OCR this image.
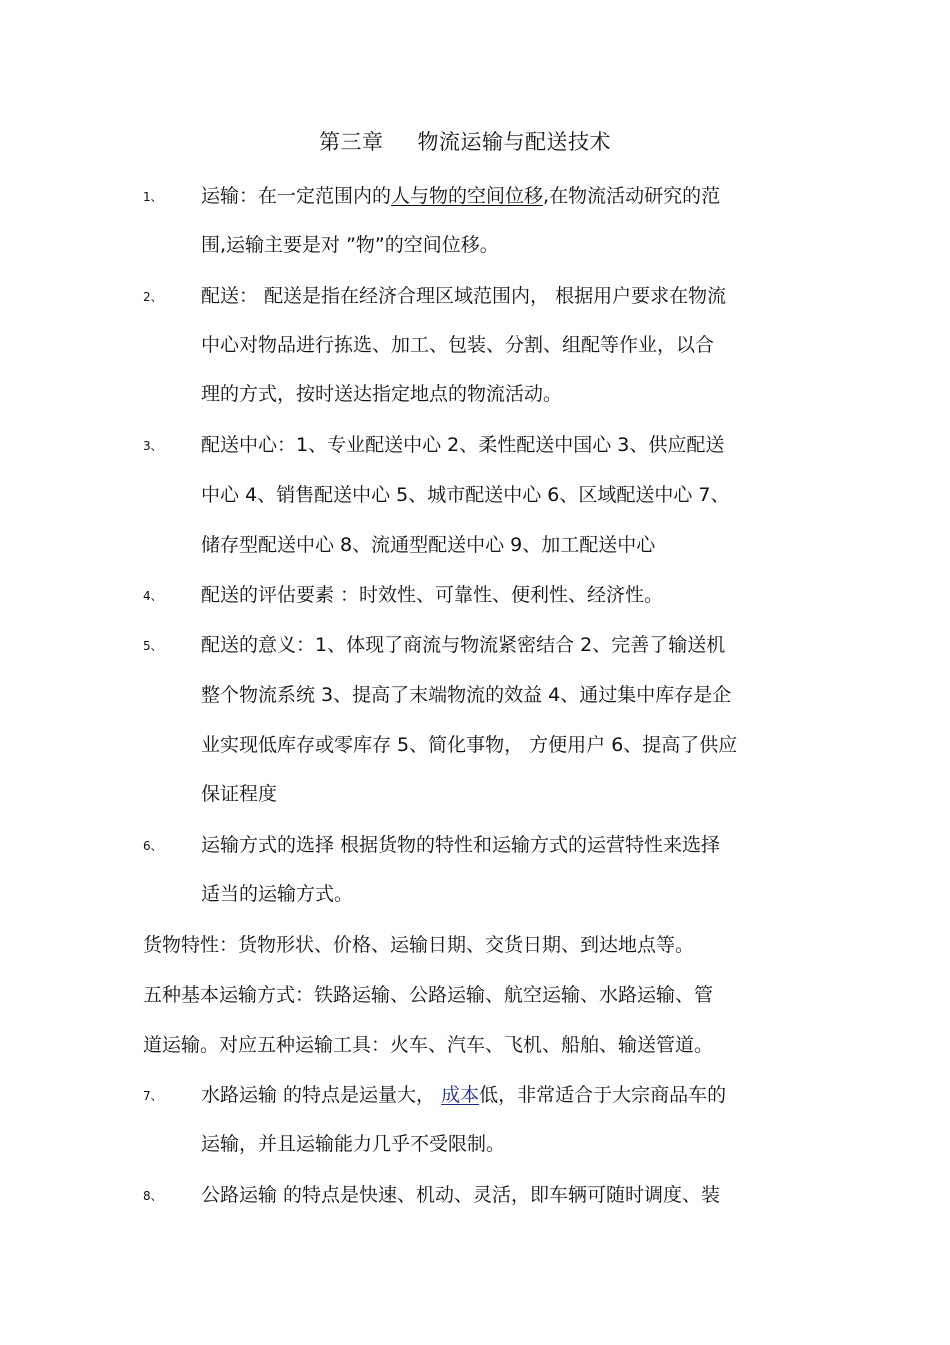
第三章 物流运输与配送技术
1、 运输：在一定范围内的人与物的空间位移,在物流活动研究的范
围,运输主要是对 ”物”的空间位移。
2、 配送： 配送是指在经济合理区域范围内， 根据用户要求在物流
中心对物品进行拣选、加工、包装、分割、组配等作业，以合
理的方式，按时送达指定地点的物流活动。
3、 配送中心：1、专业配送中心 2、柔性配送中国心 3、供应配送
中心 4、销售配送中心 5、城市配送中心 6、区域配送中心 7、
储存型配送中心 8、流通型配送中心 9、加工配送中心
4、 配送的评估要素 ：时效性、可靠性、便利性、经济性。
5、 配送的意义：1、体现了商流与物流紧密结合 2、完善了输送机
整个物流系统 3、提高了末端物流的效益 4、通过集中库存是企
业实现低库存或零库存 5、简化事物， 方便用户 6、提高了供应
保证程度
6、 运输方式的选择 根据货物的特性和运输方式的运营特性来选择
适当的运输方式。
货物特性：货物形状、价格、运输日期、交货日期、到达地点等。
五种基本运输方式：铁路运输、公路运输、航空运输、水路运输、管
道运输。对应五种运输工具：火车、汽车、飞机、船舶、输送管道。
7、 水路运输 的特点是运量大， 成本低，非常适合于大宗商品车的
运输，并且运输能力几乎不受限制。
8、 公路运输 的特点是快速、机动、灵活，即车辆可随时调度、装
